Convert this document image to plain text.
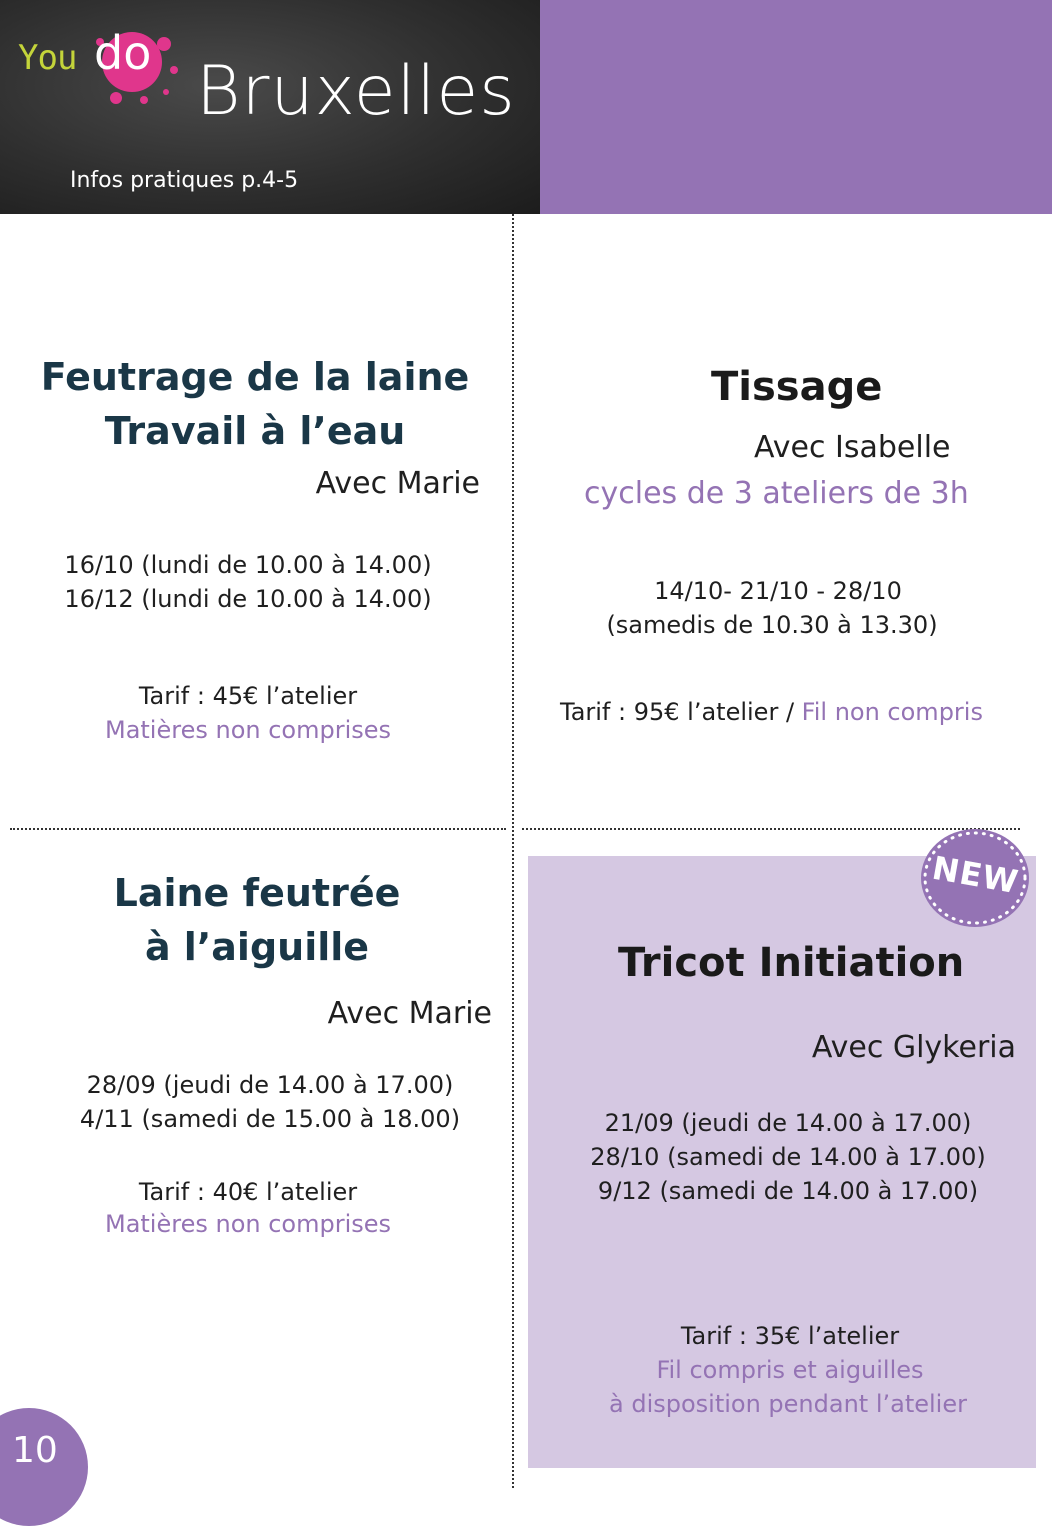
You do Bruxelles
Infos pratiques p.4-5
Feutrage de la laine
Travail à l’eau
Avec Marie
16/10 (lundi de 10.00 à 14.00)
16/12 (lundi de 10.00 à 14.00)
Tarif : 45€ l’atelier
Matières non comprises
Tissage
Avec Isabelle
cycles de 3 ateliers de 3h
14/10- 21/10 - 28/10
(samedis de 10.30 à 13.30)
Tarif : 95€ l’atelier / Fil non compris
Laine feutrée
à l’aiguille
Avec Marie
28/09 (jeudi de 14.00 à 17.00)
4/11 (samedi de 15.00 à 18.00)
Tarif : 40€ l’atelier
Matières non comprises
NEW
Tricot Initiation
Avec Glykeria
21/09 (jeudi de 14.00 à 17.00)
28/10 (samedi de 14.00 à 17.00)
9/12 (samedi de 14.00 à 17.00)
Tarif : 35€ l’atelier
Fil compris et aiguilles
à disposition pendant l’atelier
10
